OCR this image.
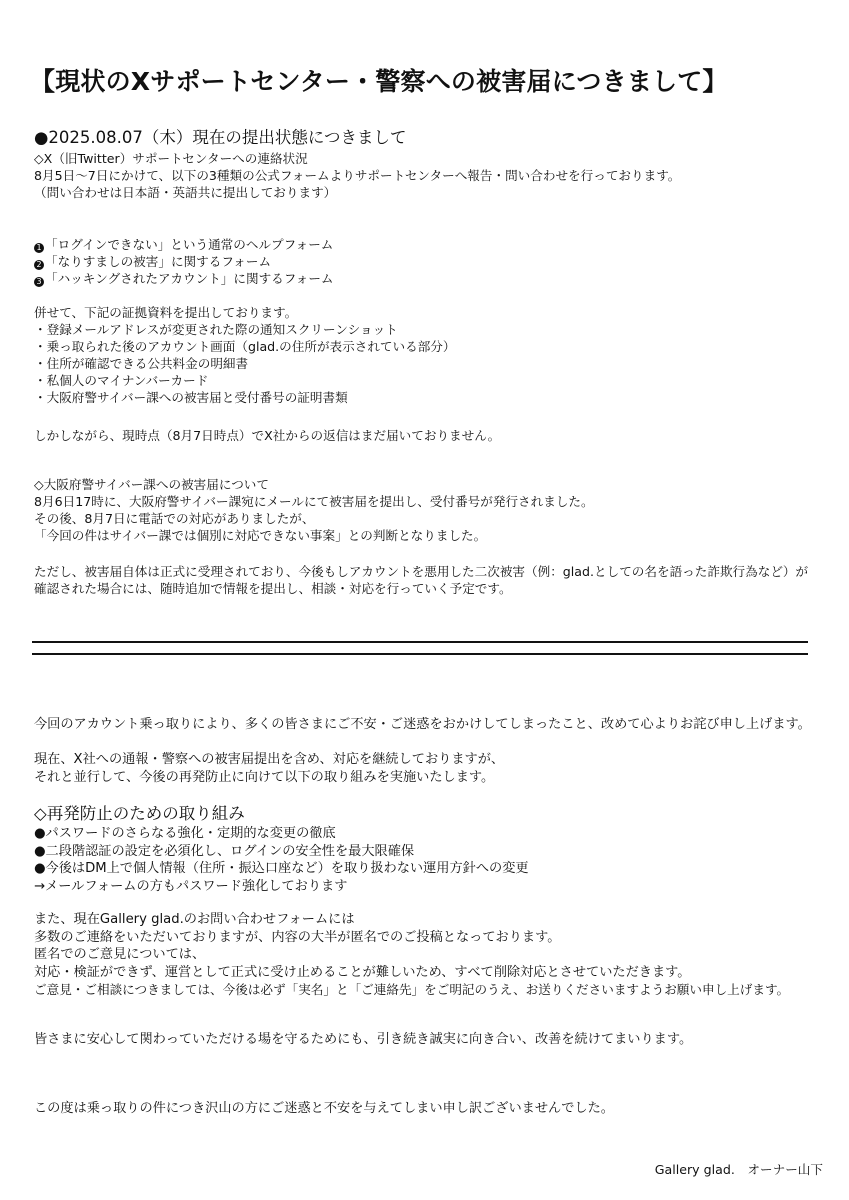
【現状のXサポートセンター・警察への被害届につきまして】
●2025.08.07（木）現在の提出状態につきまして
◇X（旧Twitter）サポートセンターへの連絡状況
8月5日〜7日にかけて、以下の3種類の公式フォームよりサポートセンターへ報告・問い合わせを行っております。
（問い合わせは日本語・英語共に提出しております）
1 「ログインできない」という通常のヘルプフォーム
2 「なりすましの被害」に関するフォーム
3 「ハッキングされたアカウント」に関するフォーム
併せて、下記の証拠資料を提出しております。
・登録メールアドレスが変更された際の通知スクリーンショット
・乗っ取られた後のアカウント画面（glad.の住所が表示されている部分）
・住所が確認できる公共料金の明細書
・私個人のマイナンバーカード
・大阪府警サイバー課への被害届と受付番号の証明書類
しかしながら、現時点（8月7日時点）でX社からの返信はまだ届いておりません。
◇大阪府警サイバー課への被害届について
8月6日17時に、大阪府警サイバー課宛にメールにて被害届を提出し、受付番号が発行されました。
その後、8月7日に電話での対応がありましたが、
「今回の件はサイバー課では個別に対応できない事案」との判断となりました。
ただし、被害届自体は正式に受理されており、今後もしアカウントを悪用した二次被害（例：glad.としての名を語った詐欺行為など）が
確認された場合には、随時追加で情報を提出し、相談・対応を行っていく予定です。
今回のアカウント乗っ取りにより、多くの皆さまにご不安・ご迷惑をおかけしてしまったこと、改めて心よりお詫び申し上げます。
現在、X社への通報・警察への被害届提出を含め、対応を継続しておりますが、
それと並行して、今後の再発防止に向けて以下の取り組みを実施いたします。
◇再発防止のための取り組み
●パスワードのさらなる強化・定期的な変更の徹底
●二段階認証の設定を必須化し、ログインの安全性を最大限確保
●今後はDM上で個人情報（住所・振込口座など）を取り扱わない運用方針への変更
→メールフォームの方もパスワード強化しております
また、現在Gallery glad.のお問い合わせフォームには
多数のご連絡をいただいておりますが、内容の大半が匿名でのご投稿となっております。
匿名でのご意見については、
対応・検証ができず、運営として正式に受け止めることが難しいため、すべて削除対応とさせていただきます。
ご意見・ご相談につきましては、今後は必ず「実名」と「ご連絡先」をご明記のうえ、お送りくださいますようお願い申し上げます。
皆さまに安心して関わっていただける場を守るためにも、引き続き誠実に向き合い、改善を続けてまいります。
この度は乗っ取りの件につき沢山の方にご迷惑と不安を与えてしまい申し訳ございませんでした。
Gallery glad.　オーナー山下
